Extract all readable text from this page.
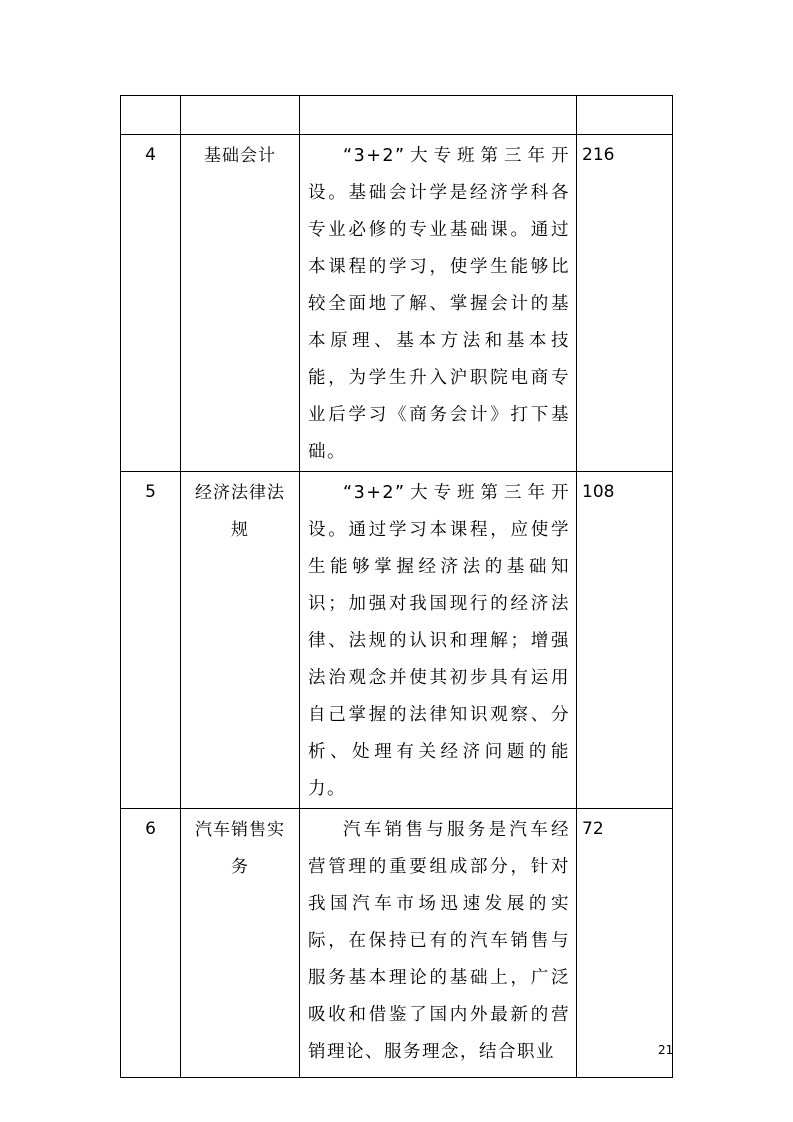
4	基础会计	“3+2”大专班第三年开设。基础会计学是经济学科各专业必修的专业基础课。通过本课程的学习，使学生能够比较全面地了解、掌握会计的基本原理、基本方法和基本技能，为学生升入沪职院电商专业后学习《商务会计》打下基础。	216
5	经济法律法规	“3+2”大专班第三年开设。通过学习本课程，应使学生能够掌握经济法的基础知识；加强对我国现行的经济法律、法规的认识和理解；增强法治观念并使其初步具有运用自己掌握的法律知识观察、分析、处理有关经济问题的能力。	108
6	汽车销售实务	汽车销售与服务是汽车经营管理的重要组成部分，针对我国汽车市场迅速发展的实际，在保持已有的汽车销售与服务基本理论的基础上，广泛吸收和借鉴了国内外最新的营销理论、服务理念，结合职业	72
21
